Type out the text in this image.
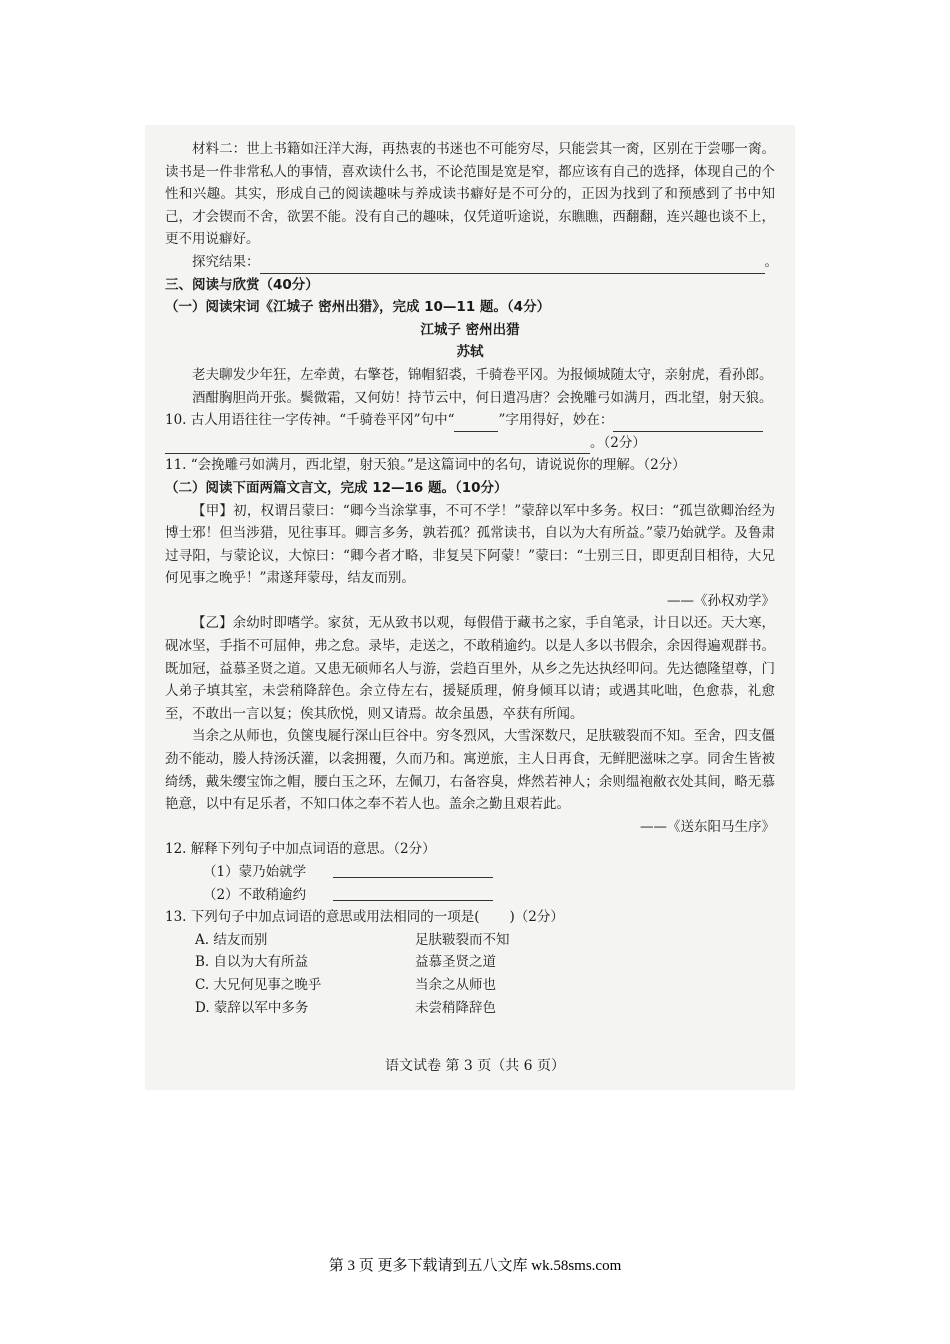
材料二：世上书籍如汪洋大海，再热衷的书迷也不可能穷尽，只能尝其一脔，区别在于尝哪一脔。读书是一件非常私人的事情，喜欢读什么书，不论范围是宽是窄，都应该有自己的选择，体现自己的个性和兴趣。其实，形成自己的阅读趣味与养成读书癖好是不可分的，正因为找到了和预感到了书中知己，才会锲而不舍，欲罢不能。没有自己的趣味，仅凭道听途说，东瞧瞧，西翻翻，连兴趣也谈不上，更不用说癖好。

探究结果：	。

三、阅读与欣赏（40分）

（一）阅读宋词《江城子 密州出猎》，完成 10—11 题。（4分）

江城子 密州出猎

苏轼

老夫聊发少年狂，左牵黄，右擎苍，锦帽貂裘，千骑卷平冈。为报倾城随太守，亲射虎，看孙郎。

酒酣胸胆尚开张。鬓微霜，又何妨！持节云中，何日遣冯唐？会挽雕弓如满月，西北望，射天狼。

10. 古人用语往往一字传神。“千骑卷平冈”句中“	”字用得好，妙在：

。（2分）

11. “会挽雕弓如满月，西北望，射天狼。”是这篇词中的名句，请说说你的理解。（2分）

（二）阅读下面两篇文言文，完成 12—16 题。（10分）

【甲】初，权谓吕蒙曰：“卿今当涂掌事，不可不学！”蒙辞以军中多务。权曰：“孤岂欲卿治经为博士邪！但当涉猎，见往事耳。卿言多务，孰若孤？孤常读书，自以为大有所益。”蒙乃始就学。及鲁肃过寻阳，与蒙论议，大惊曰：“卿今者才略，非复吴下阿蒙！”蒙曰：“士别三日，即更刮目相待，大兄何见事之晚乎！”肃遂拜蒙母，结友而别。

——《孙权劝学》

【乙】余幼时即嗜学。家贫，无从致书以观，每假借于藏书之家，手自笔录，计日以还。天大寒，砚冰坚，手指不可屈伸，弗之怠。录毕，走送之，不敢稍逾约。以是人多以书假余，余因得遍观群书。既加冠，益慕圣贤之道。又患无硕师名人与游，尝趋百里外，从乡之先达执经叩问。先达德隆望尊，门人弟子填其室，未尝稍降辞色。余立侍左右，援疑质理，俯身倾耳以请；或遇其叱咄，色愈恭，礼愈至，不敢出一言以复；俟其欣悦，则又请焉。故余虽愚，卒获有所闻。

当余之从师也，负箧曳屣行深山巨谷中。穷冬烈风，大雪深数尺，足肤皲裂而不知。至舍，四支僵劲不能动，媵人持汤沃灌，以衾拥覆，久而乃和。寓逆旅，主人日再食，无鲜肥滋味之享。同舍生皆被绮绣，戴朱缨宝饰之帽，腰白玉之环，左佩刀，右备容臭，烨然若神人；余则缊袍敝衣处其间，略无慕艳意，以中有足乐者，不知口体之奉不若人也。盖余之勤且艰若此。

——《送东阳马生序》

12. 解释下列句子中加点词语的意思。（2分）

（1）蒙乃始就学
（2）不敢稍逾约

13. 下列句子中加点词语的意思或用法相同的一项是( )（2分）

A. 结友而别	足肤皲裂而不知
B. 自以为大有所益	益慕圣贤之道
C. 大兄何见事之晚乎	当余之从师也
D. 蒙辞以军中多务	未尝稍降辞色
语文试卷 第 3 页（共 6 页）
第 3 页 更多下载请到五八文库 wk.58sms.com
